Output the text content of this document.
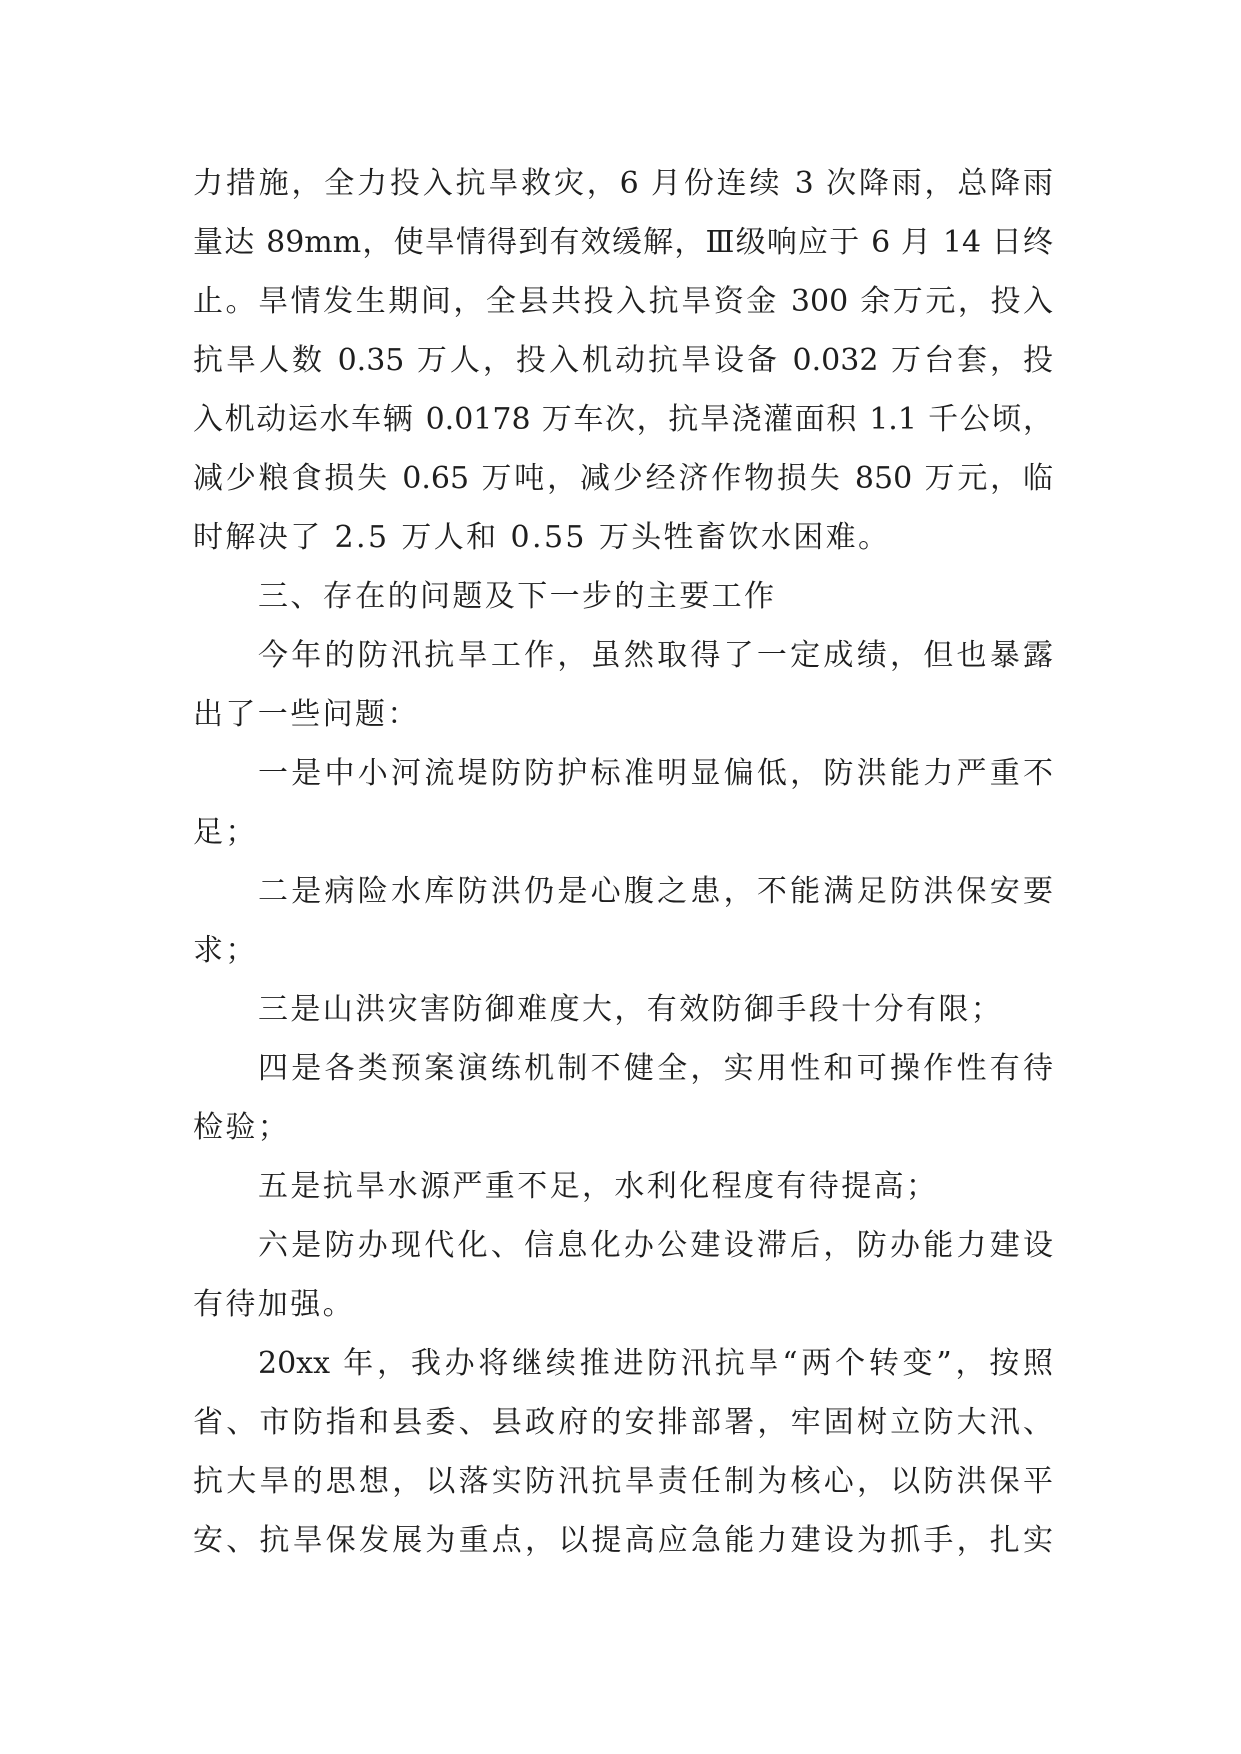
力措施，全力投入抗旱救灾，6 月份连续 3 次降雨，总降雨
量达 89mm，使旱情得到有效缓解，Ⅲ级响应于 6 月 14 日终
止。旱情发生期间，全县共投入抗旱资金 300 余万元，投入
抗旱人数 0.35 万人，投入机动抗旱设备 0.032 万台套，投
入机动运水车辆 0.0178 万车次，抗旱浇灌面积 1.1 千公顷，
减少粮食损失 0.65 万吨，减少经济作物损失 850 万元，临
时解决了 2.5 万人和 0.55 万头牲畜饮水困难。
三、存在的问题及下一步的主要工作
今年的防汛抗旱工作，虽然取得了一定成绩，但也暴露
出了一些问题：
一是中小河流堤防防护标准明显偏低，防洪能力严重不
足；
二是病险水库防洪仍是心腹之患，不能满足防洪保安要
求；
三是山洪灾害防御难度大，有效防御手段十分有限；
四是各类预案演练机制不健全，实用性和可操作性有待
检验；
五是抗旱水源严重不足，水利化程度有待提高；
六是防办现代化、信息化办公建设滞后，防办能力建设
有待加强。
20xx 年，我办将继续推进防汛抗旱“两个转变”，按照
省、市防指和县委、县政府的安排部署，牢固树立防大汛、
抗大旱的思想，以落实防汛抗旱责任制为核心，以防洪保平
安、抗旱保发展为重点，以提高应急能力建设为抓手，扎实
